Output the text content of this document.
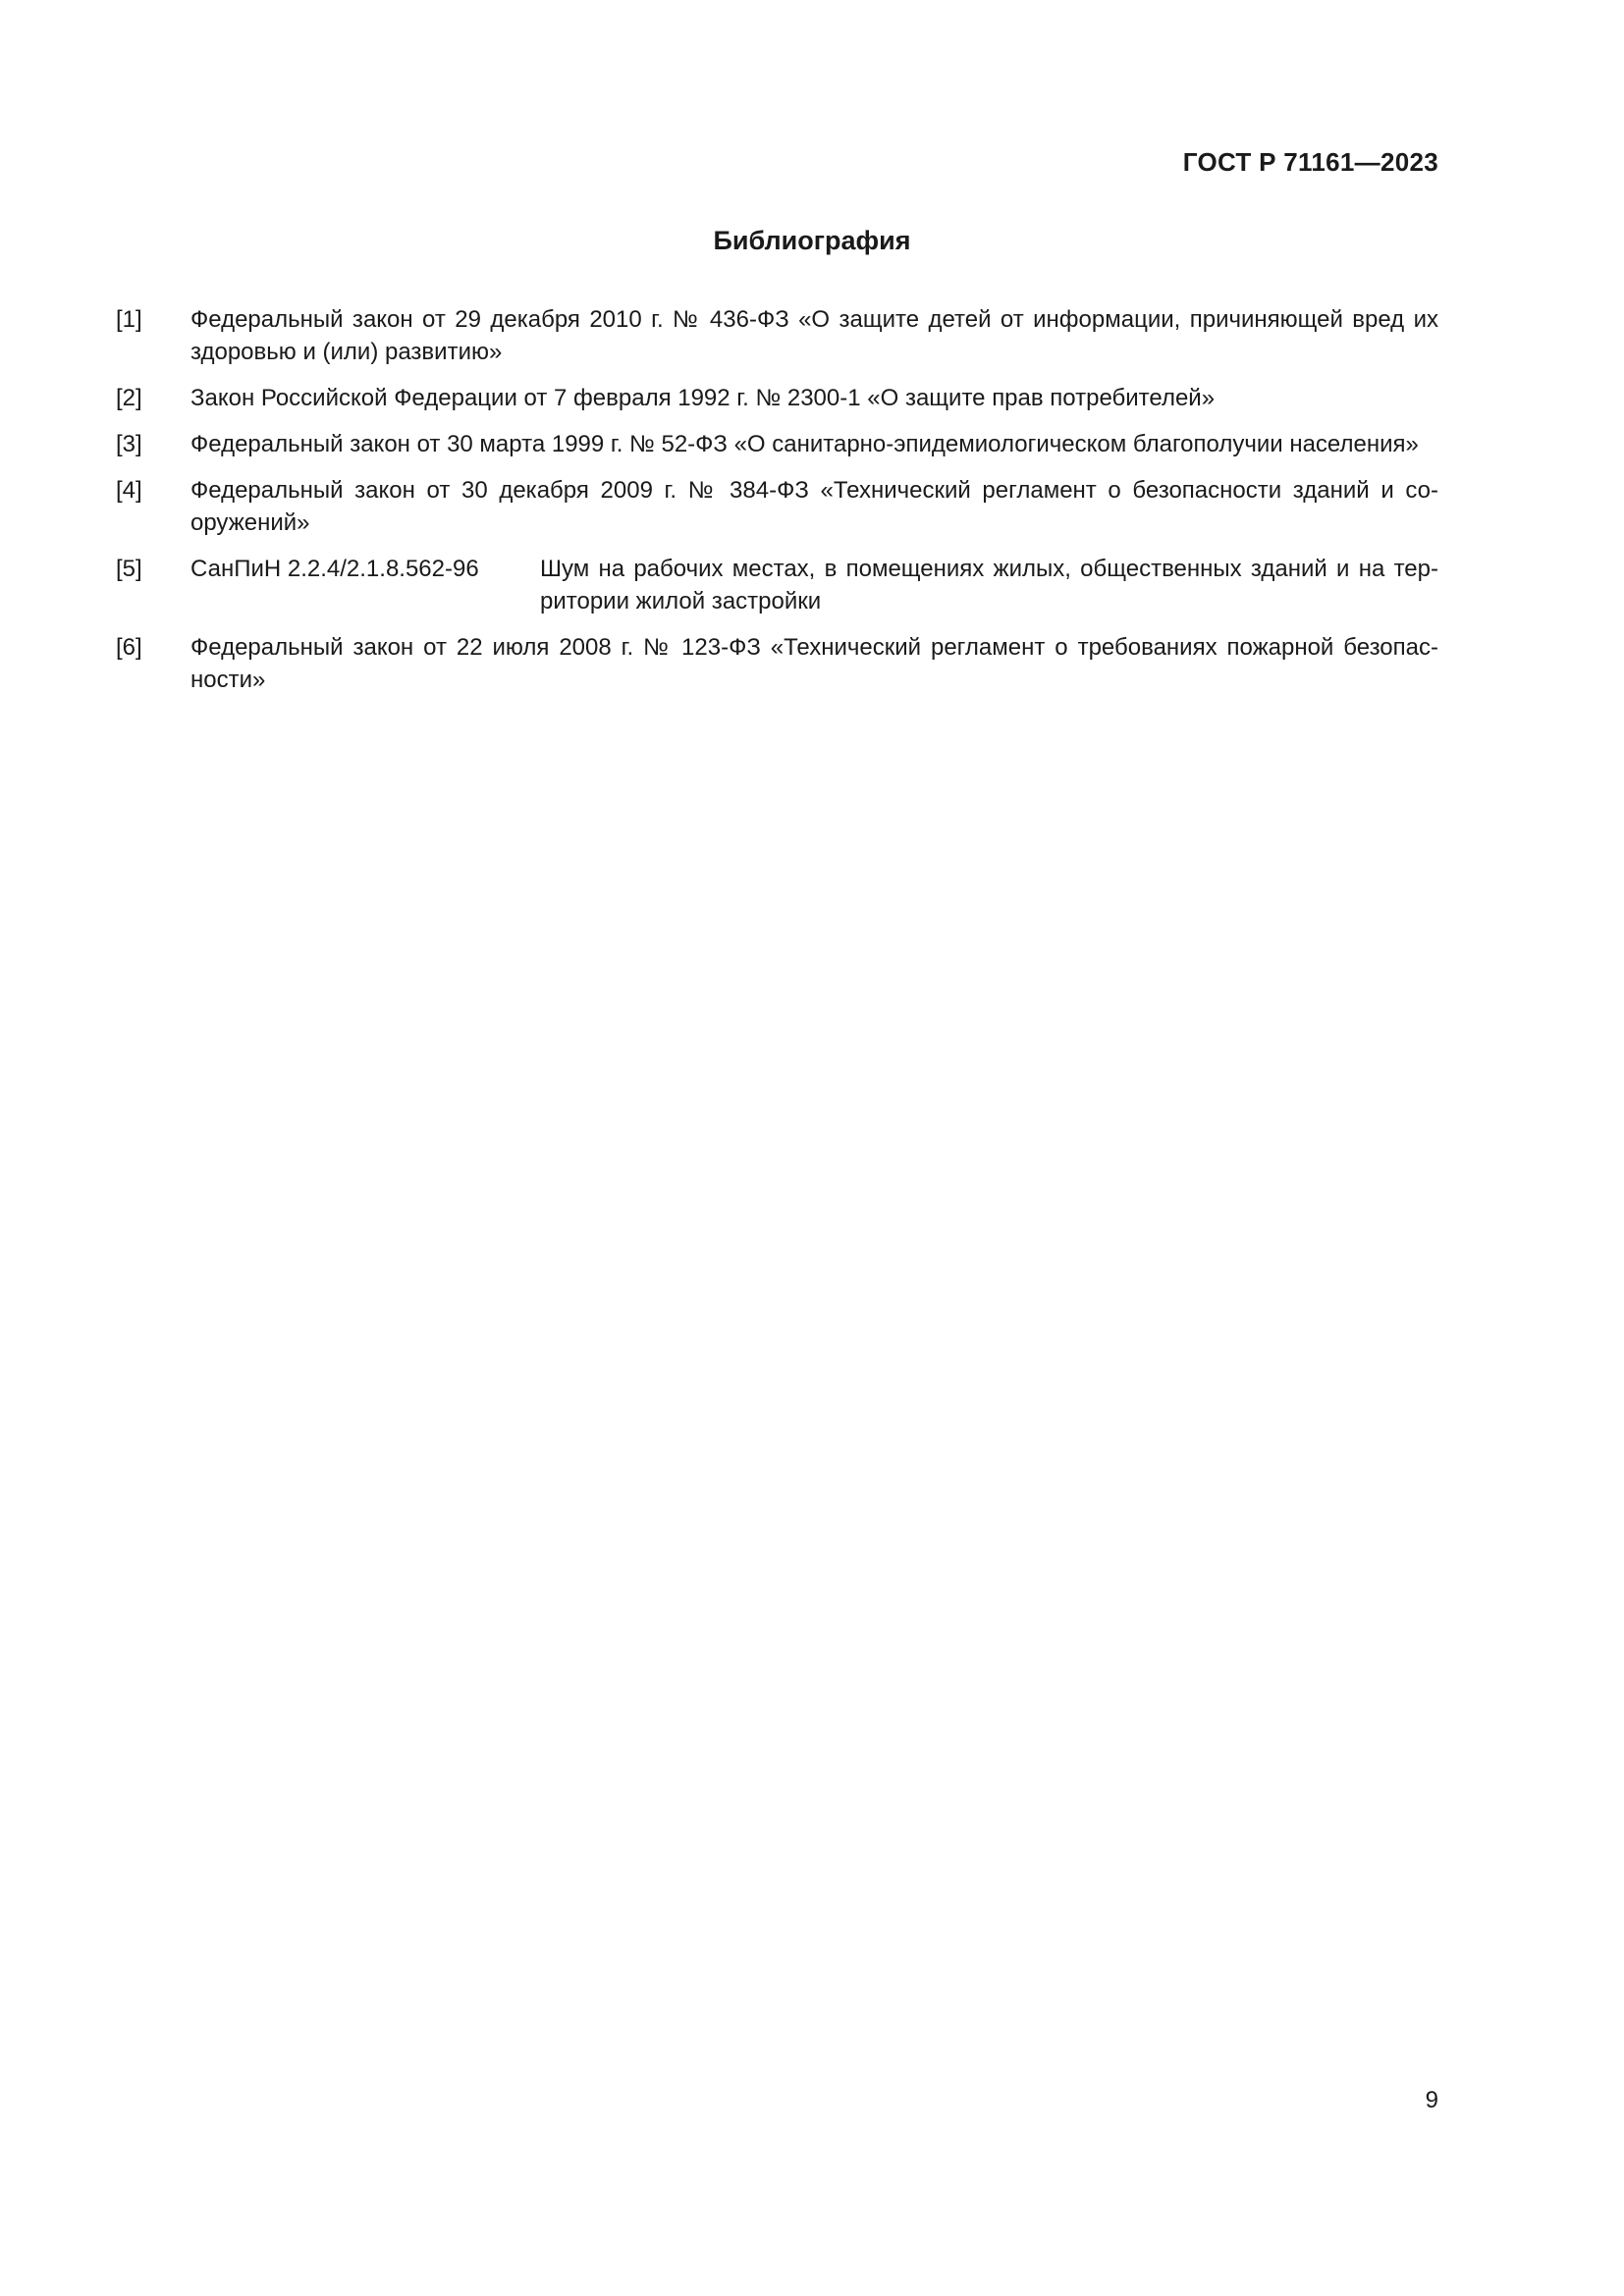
ГОСТ Р 71161—2023
Библиография
[1]	Федеральный закон от 29 декабря 2010 г. № 436-ФЗ «О защите детей от информации, причиняющей вред их здоровью и (или) развитию»
[2]	Закон Российской Федерации от 7 февраля 1992 г. № 2300-1 «О защите прав потребителей»
[3]	Федеральный закон от 30 марта 1999 г. № 52-ФЗ «О санитарно-эпидемиологическом благополучии населения»
[4]	Федеральный закон от 30 декабря 2009 г. № 384-ФЗ «Технический регламент о безопасности зданий и сооружений»
[5]	СанПиН 2.2.4/2.1.8.562-96	Шум на рабочих местах, в помещениях жилых, общественных зданий и на территории жилой застройки
[6]	Федеральный закон от 22 июля 2008 г. № 123-ФЗ «Технический регламент о требованиях пожарной безопасности»
9
